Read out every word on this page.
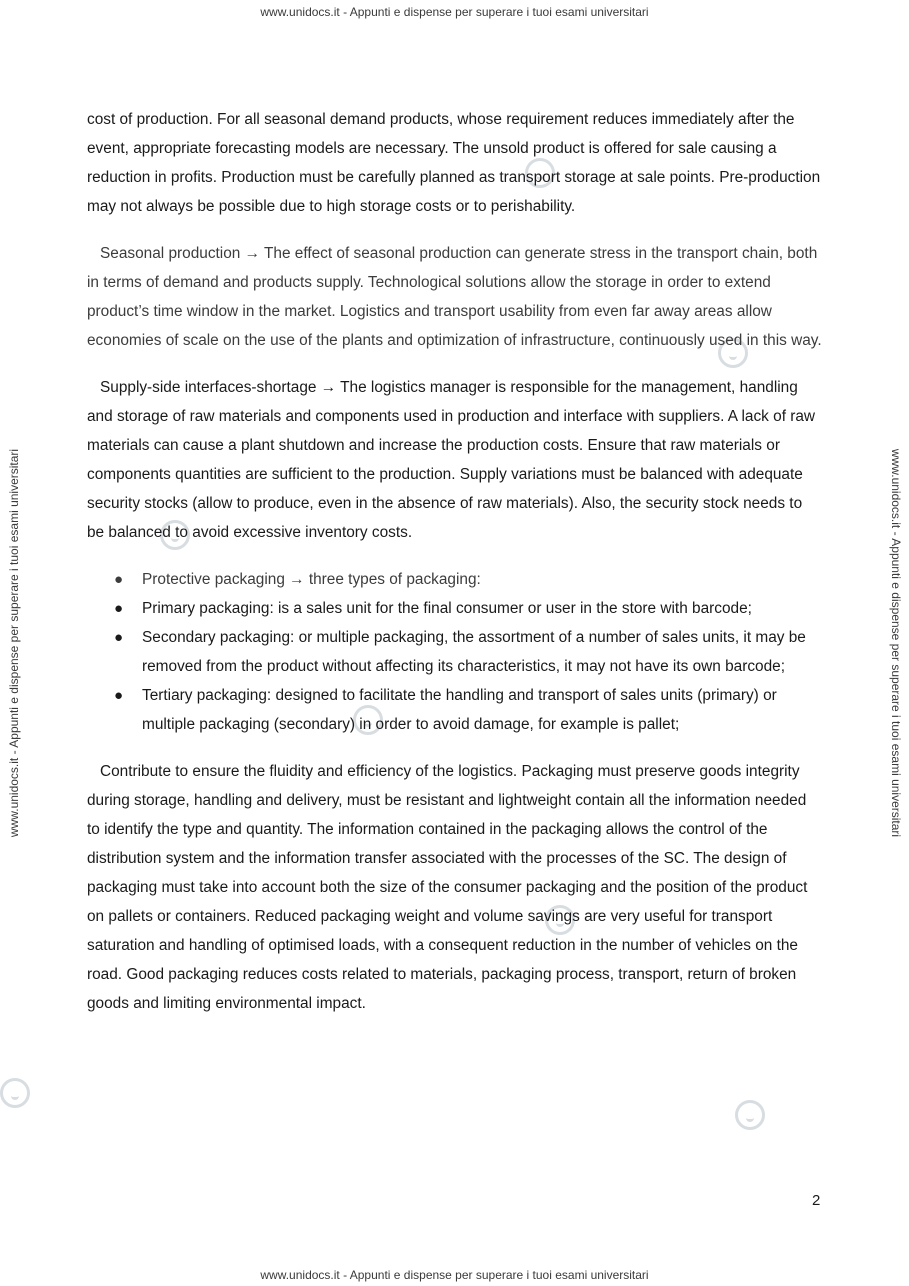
www.unidocs.it - Appunti e dispense per superare i tuoi esami universitari
www.unidocs.it - Appunti e dispense per superare i tuoi esami universitari	www.unidocs.it - Appunti e dispense per superare i tuoi esami universitari

cost of production. For all seasonal demand products, whose requirement reduces immediately after the event, appropriate forecasting models are necessary. The unsold product is offered for sale causing a reduction in profits. Production must be carefully planned as transport storage at sale points. Pre-production may not always be possible due to high storage costs or to perishability.

Seasonal production → The effect of seasonal production can generate stress in the transport chain, both in terms of demand and products supply. Technological solutions allow the storage in order to extend product’s time window in the market. Logistics and transport usability from even far away areas allow economies of scale on the use of the plants and optimization of infrastructure, continuously used in this way.

Supply-side interfaces-shortage → The logistics manager is responsible for the management, handling and storage of raw materials and components used in production and interface with suppliers. A lack of raw materials can cause a plant shutdown and increase the production costs. Ensure that raw materials or components quantities are sufficient to the production. Supply variations must be balanced with adequate security stocks (allow to produce, even in the absence of raw materials). Also, the security stock needs to be balanced to avoid excessive inventory costs.

● Protective packaging → three types of packaging:
● Primary packaging: is a sales unit for the final consumer or user in the store with barcode;
● Secondary packaging: or multiple packaging, the assortment of a number of sales units, it may be removed from the product without affecting its characteristics, it may not have its own barcode;
● Tertiary packaging: designed to facilitate the handling and transport of sales units (primary) or multiple packaging (secondary) in order to avoid damage, for example is pallet;

Contribute to ensure the fluidity and efficiency of the logistics. Packaging must preserve goods integrity during storage, handling and delivery, must be resistant and lightweight contain all the information needed to identify the type and quantity. The information contained in the packaging allows the control of the distribution system and the information transfer associated with the processes of the SC. The design of packaging must take into account both the size of the consumer packaging and the position of the product on pallets or containers. Reduced packaging weight and volume savings are very useful for transport saturation and handling of optimised loads, with a consequent reduction in the number of vehicles on the road. Good packaging reduces costs related to materials, packaging process, transport, return of broken goods and limiting environmental impact.

2
www.unidocs.it - Appunti e dispense per superare i tuoi esami universitari
